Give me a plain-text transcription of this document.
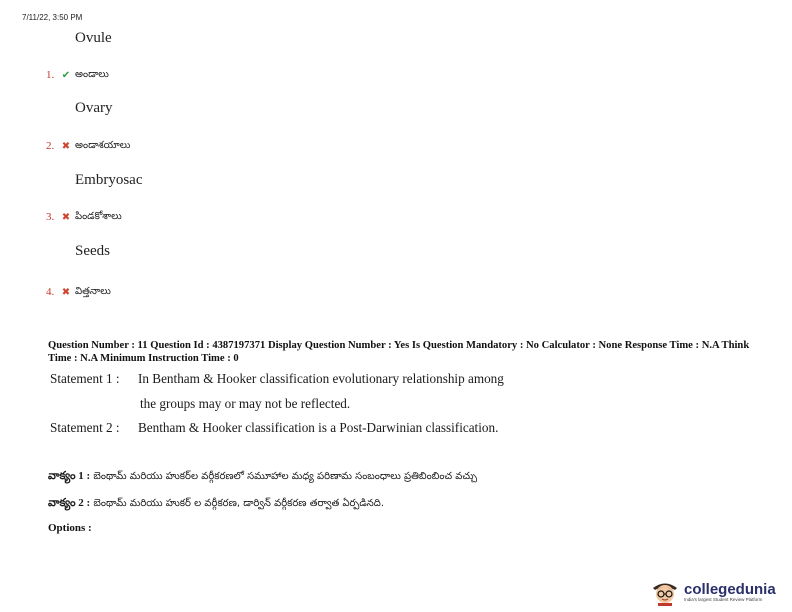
7/11/22, 3:50 PM
Ovule
1. ✔ అండాలు
Ovary
2. ✖ అండాశయాలు
Embryosac
3. ✖ పిండకోశాలు
Seeds
4. ✖ విత్తనాలు
Question Number : 11 Question Id : 4387197371 Display Question Number : Yes Is Question Mandatory : No Calculator : None Response Time : N.A Think Time : N.A Minimum Instruction Time : 0
Statement 1 : In Bentham & Hooker classification evolutionary relationship among
the groups may or may not be reflected.
Statement 2 : Bentham & Hooker classification is a Post-Darwinian classification.
వాక్యం 1 : బెంథామ్ మరియు హుకర్‌ల వర్గీకరణలో సమూహాల మధ్య పరిణామ సంబంధాలు ప్రతిబింబించ వచ్చు
వాక్యం 2 : బెంథామ్ మరియు హుకర్ ల వర్గీకరణ, డార్విన్ వర్గీకరణ తర్వాత ఏర్పడినది.
Options :
collegedunia
India's largest Student Review Platform
